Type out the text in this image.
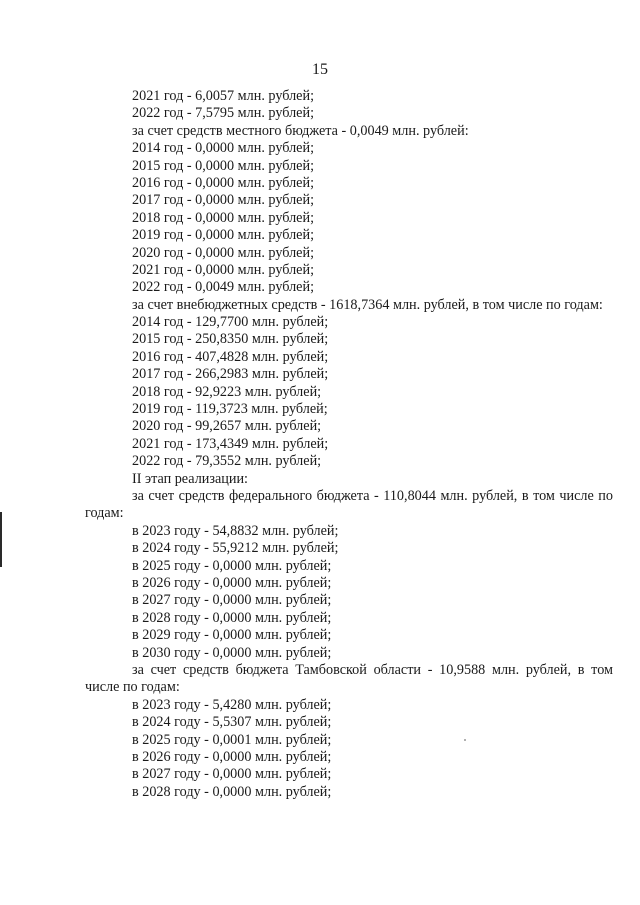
15
2021 год - 6,0057 млн. рублей;
2022 год - 7,5795 млн. рублей;
за счет средств местного бюджета - 0,0049 млн. рублей:
2014 год - 0,0000 млн. рублей;
2015 год - 0,0000 млн. рублей;
2016 год - 0,0000 млн. рублей;
2017 год - 0,0000 млн. рублей;
2018 год - 0,0000 млн. рублей;
2019 год - 0,0000 млн. рублей;
2020 год - 0,0000 млн. рублей;
2021 год - 0,0000 млн. рублей;
2022 год - 0,0049 млн. рублей;
за счет внебюджетных средств - 1618,7364 млн. рублей, в том числе по годам:
2014 год - 129,7700 млн. рублей;
2015 год - 250,8350 млн. рублей;
2016 год - 407,4828 млн. рублей;
2017 год - 266,2983 млн. рублей;
2018 год - 92,9223 млн. рублей;
2019 год - 119,3723 млн. рублей;
2020 год - 99,2657 млн. рублей;
2021 год - 173,4349 млн. рублей;
2022 год - 79,3552 млн. рублей;
II этап реализации:
за счет средств федерального бюджета - 110,8044 млн. рублей, в том числе по годам:
в 2023 году - 54,8832 млн. рублей;
в 2024 году - 55,9212 млн. рублей;
в 2025 году - 0,0000 млн. рублей;
в 2026 году - 0,0000 млн. рублей;
в 2027 году - 0,0000 млн. рублей;
в 2028 году - 0,0000 млн. рублей;
в 2029 году - 0,0000 млн. рублей;
в 2030 году - 0,0000 млн. рублей;
за счет средств бюджета Тамбовской области - 10,9588 млн. рублей, в том числе по годам:
в 2023 году - 5,4280 млн. рублей;
в 2024 году - 5,5307 млн. рублей;
в 2025 году - 0,0001 млн. рублей;
в 2026 году - 0,0000 млн. рублей;
в 2027 году - 0,0000 млн. рублей;
в 2028 году - 0,0000 млн. рублей;
